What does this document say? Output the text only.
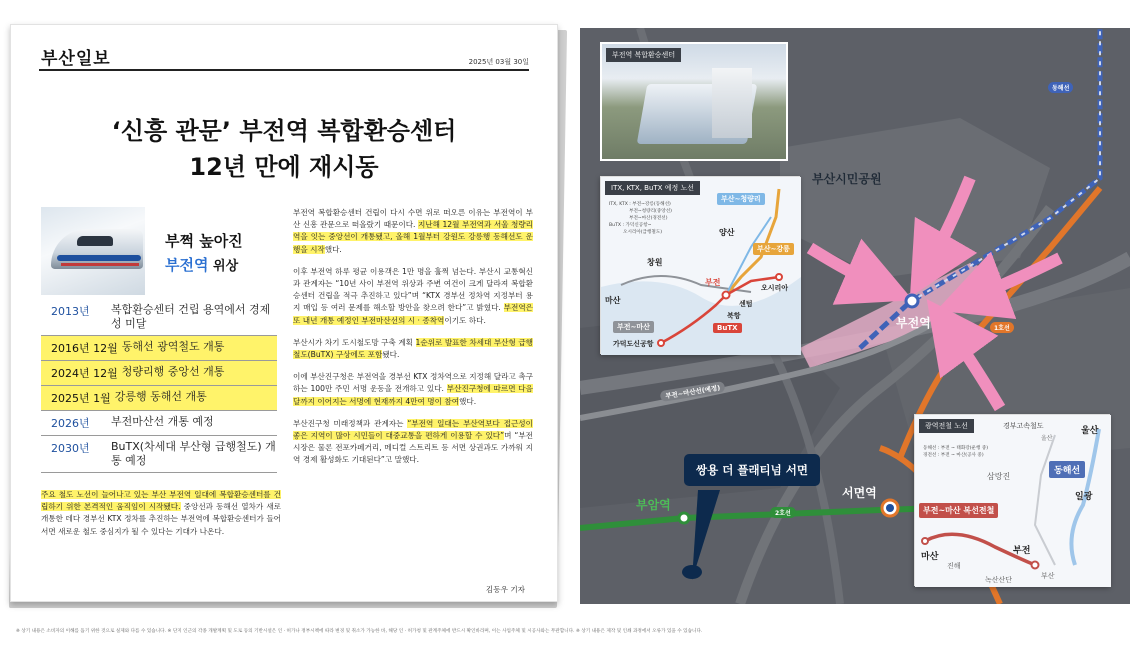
부산일보	2025년 03월 30일
‘신흥 관문’ 부전역 복합환승센터
12년 만에 재시동
부쩍 높아진
부전역 위상
2013년	복합환승센터 건립 용역에서 경제성 미달
2016년 12월 동해선 광역철도 개통
2024년 12월 청량리행 중앙선 개통
2025년 1월 강릉행 동해선 개통
2026년	부전마산선 개통 예정
2030년	BuTX(차세대 부산형 급행철도) 개통 예정

주요 철도 노선이 늘어나고 있는 부산 부전역 일대에 복합환승센터를 건립하기 위한 본격적인 움직임이 시작됐다. 중앙선과 동해선 열차가 새로 개통한 데다 경부선 KTX 정차를 추진하는 부전역에 복합환승센터가 들어서면 새로운 철도 중심지가 될 수 있다는 기대가 나온다.

부전역 복합환승센터 건립이 다시 수면 위로 떠오른 이유는 부전역이 부산 신흥 관문으로 떠올랐기 때문이다. 지난해 12월 부전역과 서울 청량리역을 잇는 중앙선이 개통됐고, 올해 1월부터 강원도 강릉행 동해선도 운행을 시작했다.

이후 부전역 하루 평균 이용객은 1만 명을 훌쩍 넘는다. 부산시 교통혁신과 관계자는 “10년 사이 부전역 위상과 주변 여건이 크게 달라져 복합환승센터 건립을 적극 추진하고 있다”며 “KTX 경부선 정차역 지정부터 용지 매입 등 여러 문제를 해소할 방안을 찾으려 한다”고 밝혔다. 부전역은 또 내년 개통 예정인 부전마산선의 시 · 종착역이기도 하다.

부산시가 차기 도시철도망 구축 계획 1순위로 발표한 차세대 부산형 급행철도(BuTX) 구상에도 포함됐다.

이에 부산진구청은 부전역을 경부선 KTX 정차역으로 지정해 달라고 촉구하는 100만 주민 서명 운동을 전개하고 있다. 부산진구청에 따르면 다음 달까지 이어지는 서명에 현재까지 4만여 명이 참여했다.

부산진구청 미래정책과 관계자는 “부전역 일대는 부산역보다 접근성이 좋은 지역이 많아 시민들이 대중교통을 편하게 이용할 수 있다”며 “부전시장은 물론 전포카페거리, 메디컬 스트리트 등 서면 상권과도 가까워 지역 경제 활성화도 기대된다”고 말했다.

김동우 기자
부전역 복합환승센터
ITX, KTX, BuTX 예정 노선
ITX, KTX : 부전~강릉(동해선)
부전~청량리(중앙선)
부전~마산(경전선)
BuTX : 가덕신공항~
오시리아(급행철도)
부산~청량리
부산~강릉
부전~마산	BuTX
양산
창원
마산
부전
센텀
오시리아
북항
가덕도신공항
광역전철 노선
동해선 : 부전 ~ 태화강(운행 중)
경전선 : 부전 ~ 마산(공사 중)
경부고속철도
울산
울산
삼랑진
동해선
일광
부전~마산 복선전철
마산
부전
진해
부산
녹산산단
부산시민공원
부전역	1호선
동해선
부전~마산선(예정)
2호선
부암역
서면역
쌍용 더 플래티넘 서면
※ 상기 내용은 소비자의 이해를 돕기 위한 것으로 실제와 다를 수 있습니다. ※ 단지 인근의 각종 개발계획 및 도로 등의 기반시설은 인 · 허가나 정부시책에 따라 변경 및 취소가 가능한 바, 해당 인 · 허가청 및 관계주체에 반드시 확인바라며, 이는 사업주체 및 시공사와는 무관합니다. ※ 상기 내용은 제작 및 인쇄 과정에서 오류가 있을 수 있습니다.
